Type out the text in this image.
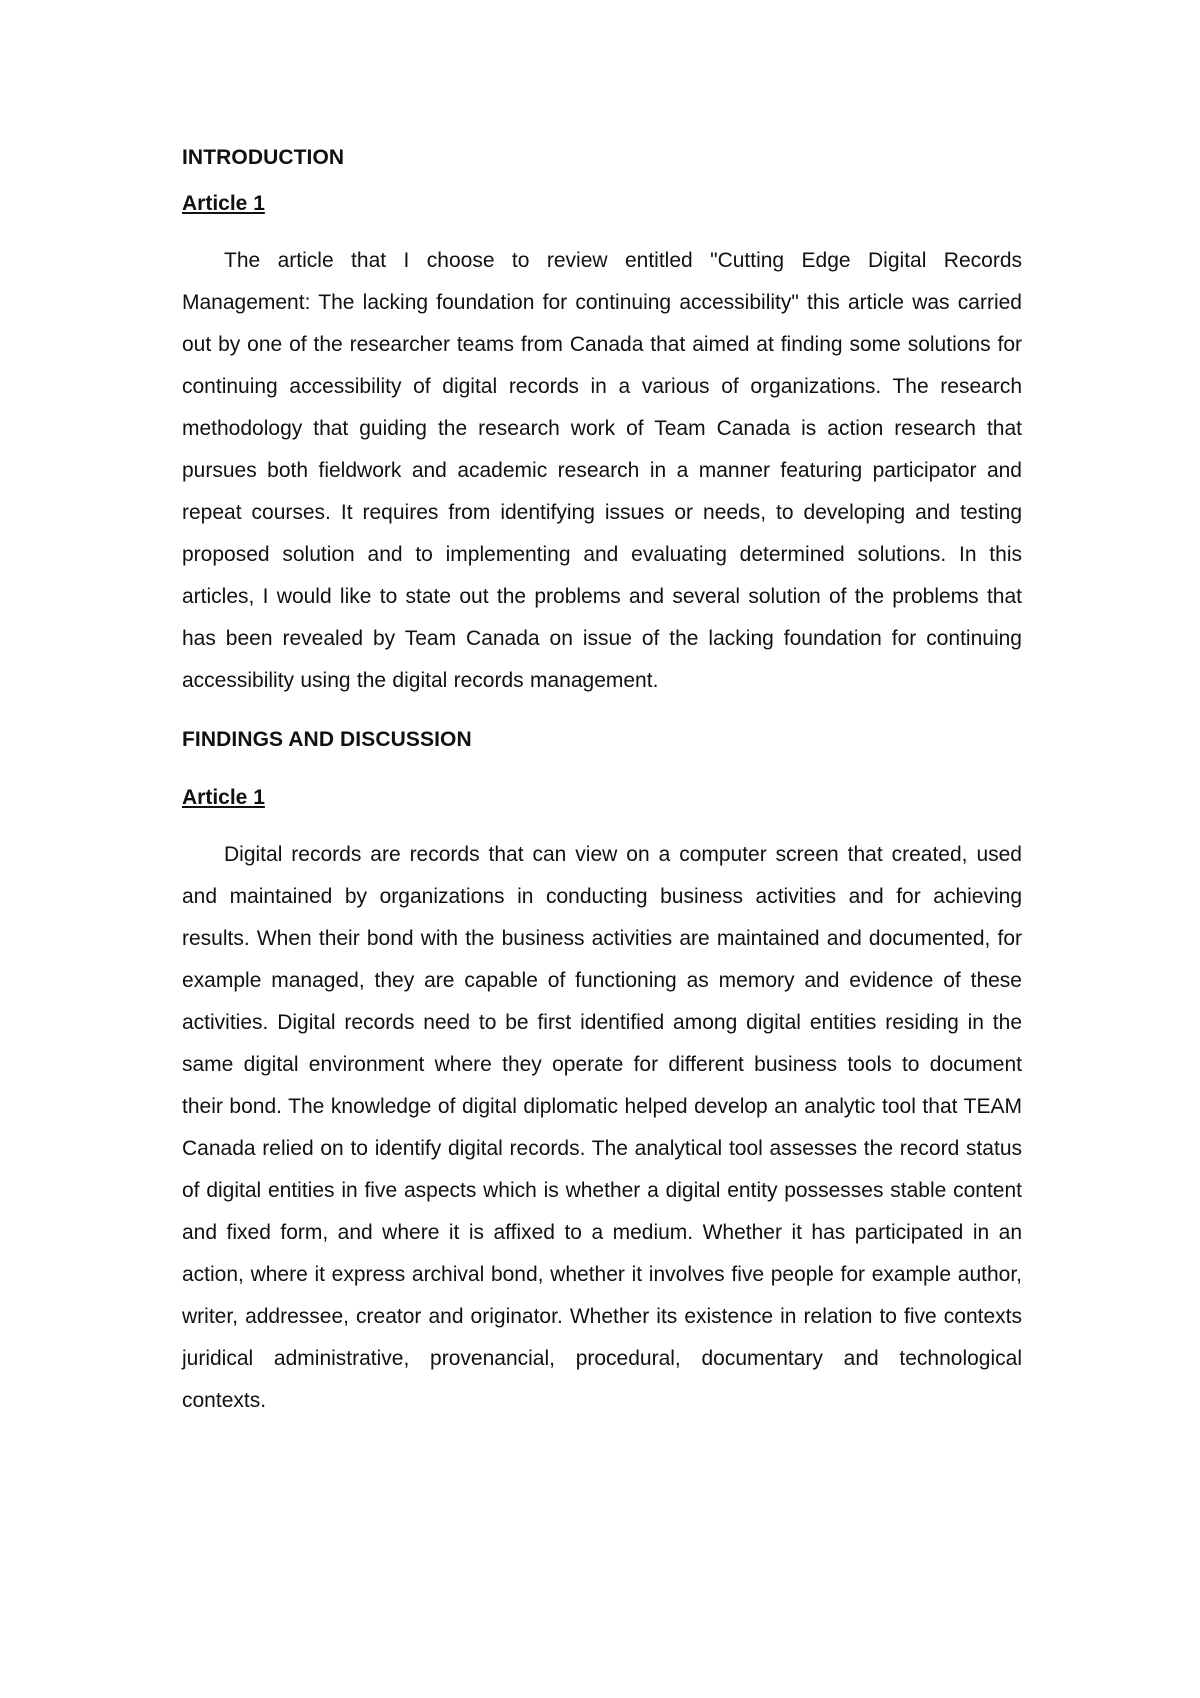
INTRODUCTION
Article 1

The article that I choose to review entitled "Cutting Edge Digital Records Management: The lacking foundation for continuing accessibility" this article was carried out by one of the researcher teams from Canada that aimed at finding some solutions for continuing accessibility of digital records in a various of organizations. The research methodology that guiding the research work of Team Canada is action research that pursues both fieldwork and academic research in a manner featuring participator and repeat courses. It requires from identifying issues or needs, to developing and testing proposed solution and to implementing and evaluating determined solutions. In this articles, I would like to state out the problems and several solution of the problems that has been revealed by Team Canada on issue of the lacking foundation for continuing accessibility using the digital records management.

FINDINGS AND DISCUSSION
Article 1

Digital records are records that can view on a computer screen that created, used and maintained by organizations in conducting business activities and for achieving results. When their bond with the business activities are maintained and documented, for example managed, they are capable of functioning as memory and evidence of these activities. Digital records need to be first identified among digital entities residing in the same digital environment where they operate for different business tools to document their bond. The knowledge of digital diplomatic helped develop an analytic tool that TEAM Canada relied on to identify digital records. The analytical tool assesses the record status of digital entities in five aspects which is whether a digital entity possesses stable content and fixed form, and where it is affixed to a medium. Whether it has participated in an action, where it express archival bond, whether it involves five people for example author, writer, addressee, creator and originator. Whether its existence in relation to five contexts juridical administrative, provenancial, procedural, documentary and technological contexts.
